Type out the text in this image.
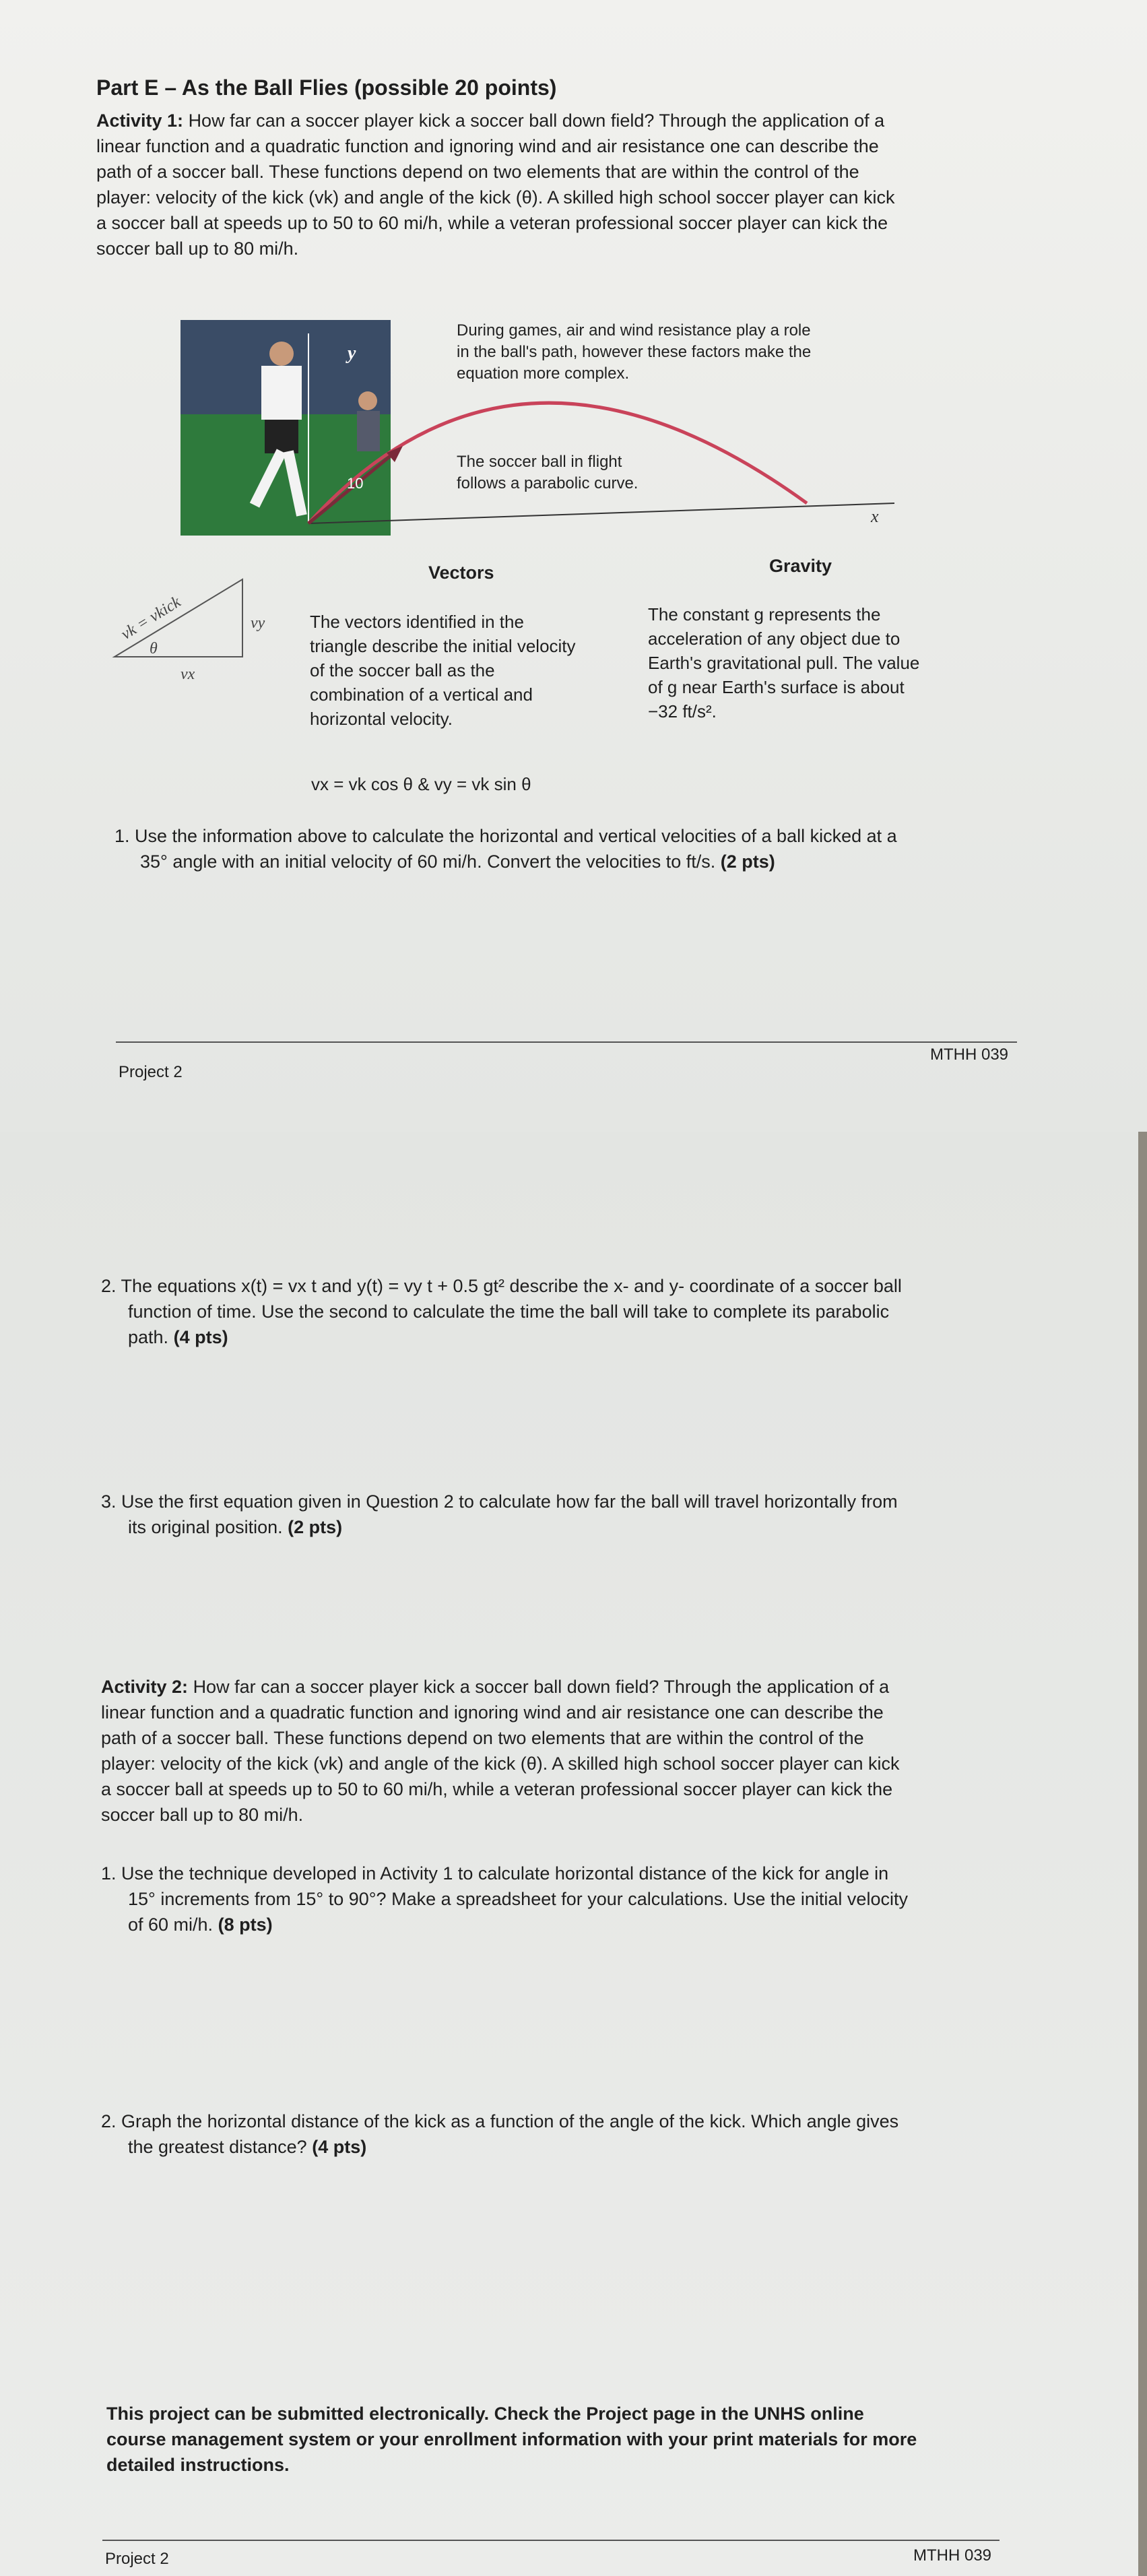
Part E – As the Ball Flies (possible 20 points)
Activity 1: How far can a soccer player kick a soccer ball down field? Through the application of a
linear function and a quadratic function and ignoring wind and air resistance one can describe the
path of a soccer ball. These functions depend on two elements that are within the control of the
player: velocity of the kick (vk) and angle of the kick (θ). A skilled high school soccer player can kick
a soccer ball at speeds up to 50 to 60 mi/h, while a veteran professional soccer player can kick the
soccer ball up to 80 mi/h.
10
x
y
During games, air and wind resistance play a role
in the ball's path, however these factors make the
equation more complex.
The soccer ball in flight
follows a parabolic curve.
vk = vkick
θ
vy
vx
Vectors
The vectors identified in the
triangle describe the initial velocity
of the soccer ball as the
combination of a vertical and
horizontal velocity.
vx = vk cos θ & vy = vk sin θ
Gravity
The constant g represents the
acceleration of any object due to
Earth's gravitational pull. The value
of g near Earth's surface is about
−32 ft/s².
1. Use the information above to calculate the horizontal and vertical velocities of a ball kicked at a
35° angle with an initial velocity of 60 mi/h. Convert the velocities to ft/s. (2 pts)
Project 2
MTHH 039
2. The equations x(t) = vx t and y(t) = vy t + 0.5 gt² describe the x- and y- coordinate of a soccer ball
function of time. Use the second to calculate the time the ball will take to complete its parabolic
path. (4 pts)
3. Use the first equation given in Question 2 to calculate how far the ball will travel horizontally from
its original position. (2 pts)
Activity 2: How far can a soccer player kick a soccer ball down field? Through the application of a
linear function and a quadratic function and ignoring wind and air resistance one can describe the
path of a soccer ball. These functions depend on two elements that are within the control of the
player: velocity of the kick (vk) and angle of the kick (θ). A skilled high school soccer player can kick
a soccer ball at speeds up to 50 to 60 mi/h, while a veteran professional soccer player can kick the
soccer ball up to 80 mi/h.
1. Use the technique developed in Activity 1 to calculate horizontal distance of the kick for angle in
15° increments from 15° to 90°? Make a spreadsheet for your calculations. Use the initial velocity
of 60 mi/h. (8 pts)
2. Graph the horizontal distance of the kick as a function of the angle of the kick. Which angle gives
the greatest distance? (4 pts)
This project can be submitted electronically. Check the Project page in the UNHS online
course management system or your enrollment information with your print materials for more
detailed instructions.
Project 2	MTHH 039
